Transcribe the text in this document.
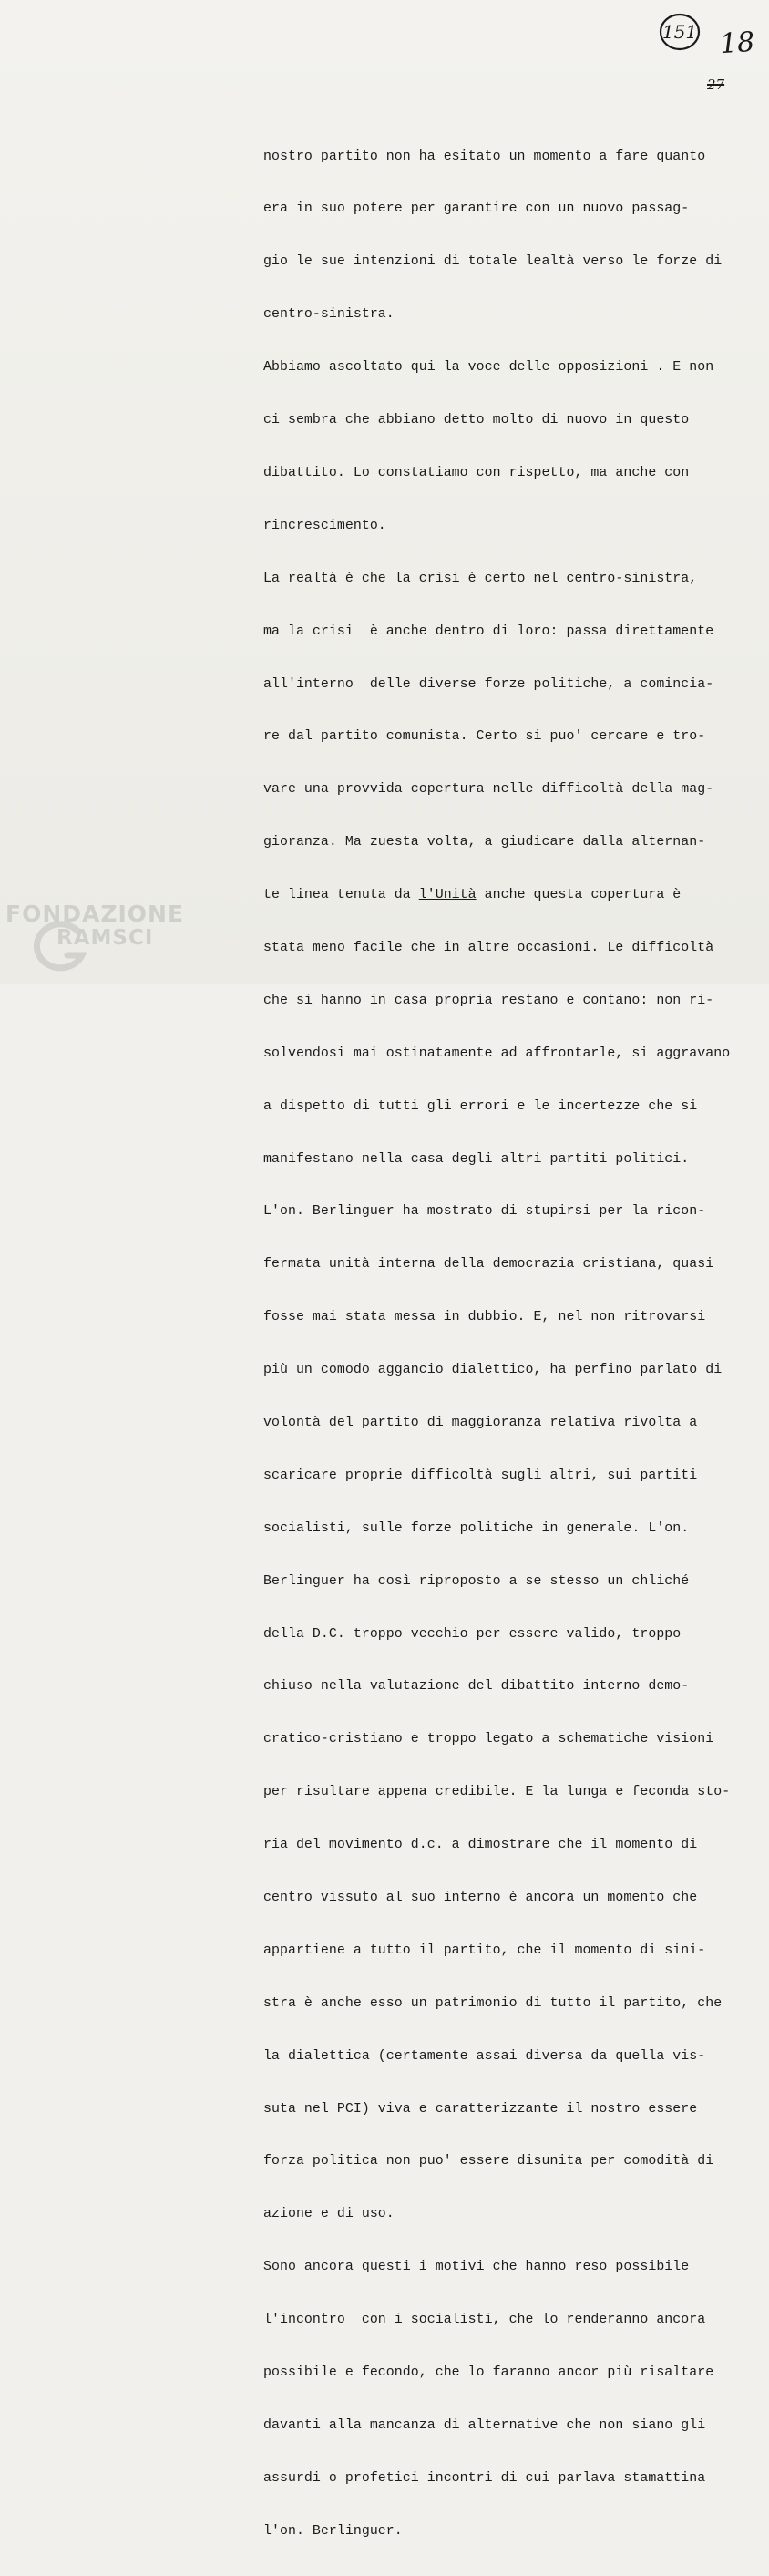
151 18
27

nostro partito non ha esitato un momento a fare quanto

era in suo potere per garantire con un nuovo passag-

gio le sue intenzioni di totale lealtà verso le forze di

centro-sinistra.

Abbiamo ascoltato qui la voce delle opposizioni . E non

ci sembra che abbiano detto molto di nuovo in questo

dibattito. Lo constatiamo con rispetto, ma anche con

rincrescimento.

La realtà è che la crisi è certo nel centro-sinistra,

ma la crisi  è anche dentro di loro: passa direttamente

all'interno  delle diverse forze politiche, a comincia-

re dal partito comunista. Certo si puo' cercare e tro-

vare una provvida copertura nelle difficoltà della mag-

gioranza. Ma zuesta volta, a giudicare dalla alternan-

te linea tenuta da l'Unità anche questa copertura è

stata meno facile che in altre occasioni. Le difficoltà

che si hanno in casa propria restano e contano: non ri-

solvendosi mai ostinatamente ad affrontarle, si aggravano

a dispetto di tutti gli errori e le incertezze che si

manifestano nella casa degli altri partiti politici.

L'on. Berlinguer ha mostrato di stupirsi per la ricon-

fermata unità interna della democrazia cristiana, quasi

fosse mai stata messa in dubbio. E, nel non ritrovarsi

più un comodo aggancio dialettico, ha perfino parlato di

volontà del partito di maggioranza relativa rivolta a

scaricare proprie difficoltà sugli altri, sui partiti

socialisti, sulle forze politiche in generale. L'on.

Berlinguer ha così riproposto a se stesso un chliché

della D.C. troppo vecchio per essere valido, troppo

chiuso nella valutazione del dibattito interno demo-

cratico-cristiano e troppo legato a schematiche visioni

per risultare appena credibile. E la lunga e feconda sto-

ria del movimento d.c. a dimostrare che il momento di

centro vissuto al suo interno è ancora un momento che

appartiene a tutto il partito, che il momento di sini-

stra è anche esso un patrimonio di tutto il partito, che

la dialettica (certamente assai diversa da quella vis-

suta nel PCI) viva e caratterizzante il nostro essere

forza politica non puo' essere disunita per comodità di

azione e di uso.

Sono ancora questi i motivi che hanno reso possibile

l'incontro  con i socialisti, che lo renderanno ancora

possibile e fecondo, che lo faranno ancor più risaltare

davanti alla mancanza di alternative che non siano gli

assurdi o profetici incontri di cui parlava stamattina

l'on. Berlinguer.

FONDAZIONE
RAMSCI
